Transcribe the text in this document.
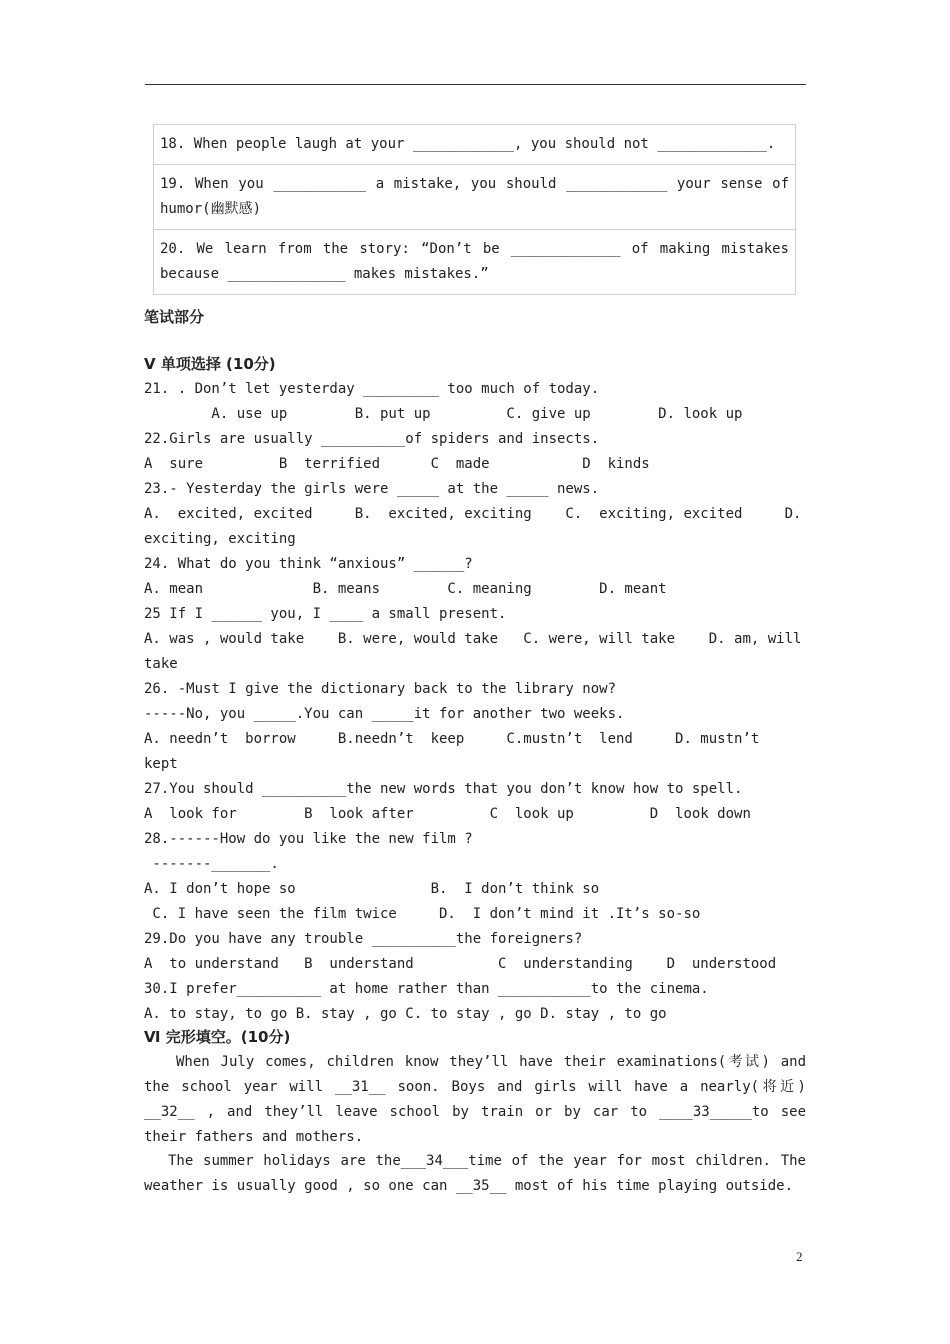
18. When people laugh at your ____________, you should not _____________.
19. When you ___________ a mistake, you should ____________ your sense of humor(幽默感)
20. We learn from the story: “Don’t be _____________ of making mistakes because ______________ makes mistakes.”
笔试部分
Ⅴ 单项选择 (10分)
21. . Don’t let yesterday _________ too much of today.
A. use up        B. put up         C. give up        D. look up
22.Girls are usually __________of spiders and insects.
A  sure         B  terrified      C  made           D  kinds
23.- Yesterday the girls were _____ at the _____ news.
A.  excited, excited     B.  excited, exciting    C.  exciting, excited     D.
exciting, exciting
24. What do you think “anxious” ______?
A. mean             B. means        C. meaning        D. meant
25 If I ______ you, I ____ a small present.
A. was , would take    B. were, would take   C. were, will take    D. am, will
take
26. -Must I give the dictionary back to the library now?
-----No, you _____.You can _____it for another two weeks.
A. needn’t  borrow     B.needn’t  keep     C.mustn’t  lend     D. mustn’t
kept
27.You should __________the new words that you don’t know how to spell.
A  look for        B  look after         C  look up         D  look down
28.------How do you like the new film ?
-------_______.
A. I don’t hope so                B.  I don’t think so
C. I have seen the film twice     D.  I don’t mind it .It’s so-so
29.Do you have any trouble __________the foreigners?
A  to understand   B  understand          C  understanding    D  understood
30.I prefer__________ at home rather than ___________to the cinema.
A. to stay, to go B. stay , go C. to stay , go D. stay , to go
Ⅵ 完形填空。(10分)
When July comes, children know they’ll have their examinations(考试) and the school year will __31__ soon. Boys and girls will have a nearly(将近) __32__ , and they’ll leave school by train or by car to ____33_____to see their fathers and mothers.
The summer holidays are the___34___time of the year for most children. The weather is usually good , so one can __35__ most of his time playing outside.
2
